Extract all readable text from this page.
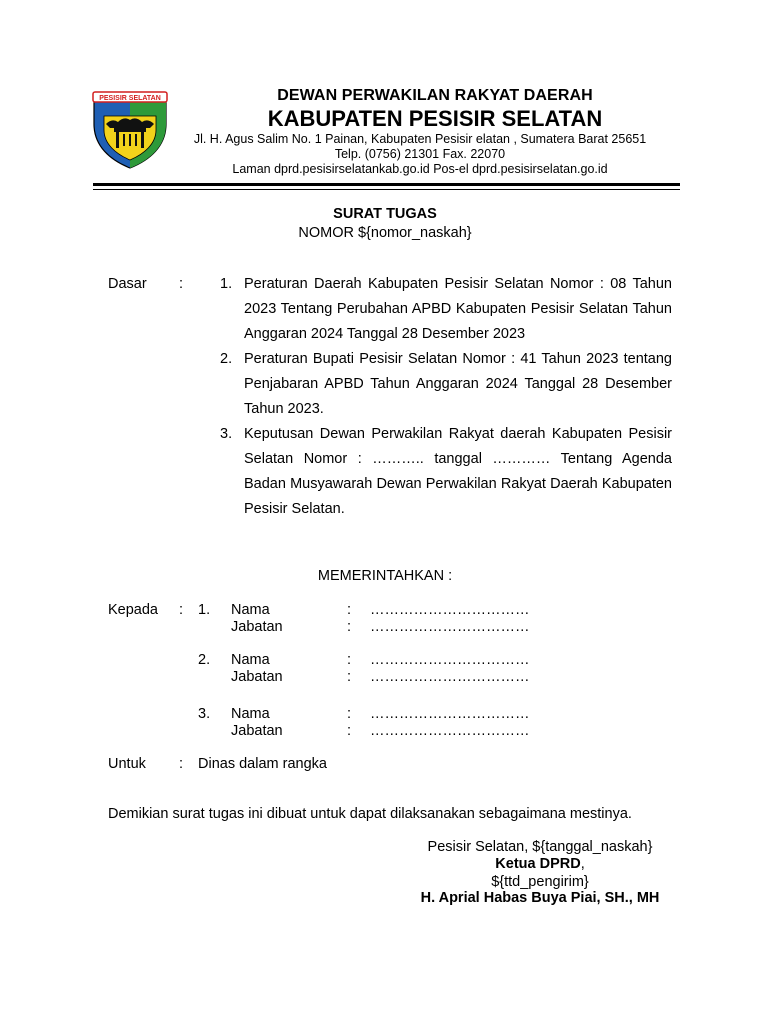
PESISIR SELATAN	DEWAN PERWAKILAN RAKYAT DAERAH
KABUPATEN PESISIR SELATAN
Jl. H. Agus Salim No. 1 Painan, Kabupaten Pesisir elatan , Sumatera Barat 25651
Telp. (0756) 21301 Fax. 22070
Laman dprd.pesisirselatankab.go.id Pos-el dprd.pesisirselatan.go.id
SURAT TUGAS
NOMOR ${nomor_naskah}
Dasar :	1. Peraturan Daerah Kabupaten Pesisir Selatan Nomor : 08 Tahun 2023 Tentang Perubahan APBD Kabupaten Pesisir Selatan Tahun Anggaran 2024 Tanggal 28 Desember 2023
2. Peraturan Bupati Pesisir Selatan Nomor : 41 Tahun 2023 tentang Penjabaran APBD Tahun Anggaran 2024 Tanggal 28 Desember Tahun 2023.
3. Keputusan Dewan Perwakilan Rakyat daerah Kabupaten Pesisir Selatan Nomor : ……….. tanggal ………… Tentang Agenda Badan Musyawarah Dewan Perwakilan Rakyat Daerah Kabupaten Pesisir Selatan.
MEMERINTAHKAN :
Kepada : 1. Nama	: ……………………………
Jabatan	: ……………………………
2. Nama	: ……………………………
Jabatan	: ……………………………
3. Nama	: ……………………………
Jabatan	: ……………………………
Untuk : Dinas dalam rangka
Demikian surat tugas ini dibuat untuk dapat dilaksanakan sebagaimana mestinya.
Pesisir Selatan, ${tanggal_naskah}
Ketua DPRD,
${ttd_pengirim}
H. Aprial Habas Buya Piai, SH., MH
